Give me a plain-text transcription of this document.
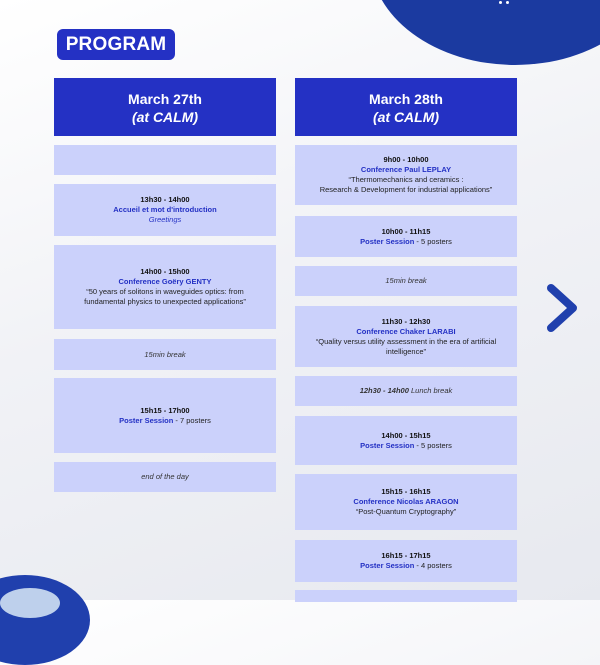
PROGRAM
March 27th
(at CALM)
13h30 - 14h00
Accueil et mot d'introduction
Greetings
14h00 - 15h00
Conference Goëry GENTY
“50 years of solitons in waveguides optics: from
fundamental physics to unexpected applications”
15min break
15h15 - 17h00
Poster Session - 7 posters
end of the day
March 28th
(at CALM)
9h00 - 10h00
Conference Paul LEPLAY
“Thermomechanics and ceramics :
Research & Development for industrial applications”
10h00 - 11h15
Poster Session - 5 posters
15min break
11h30 - 12h30
Conference Chaker LARABI
“Quality versus utility assessment in the era of artificial
intelligence”
12h30 - 14h00 Lunch break
14h00 - 15h15
Poster Session - 5 posters
15h15 - 16h15
Conference Nicolas ARAGON
“Post-Quantum Cryptography”
16h15 - 17h15
Poster Session - 4 posters
